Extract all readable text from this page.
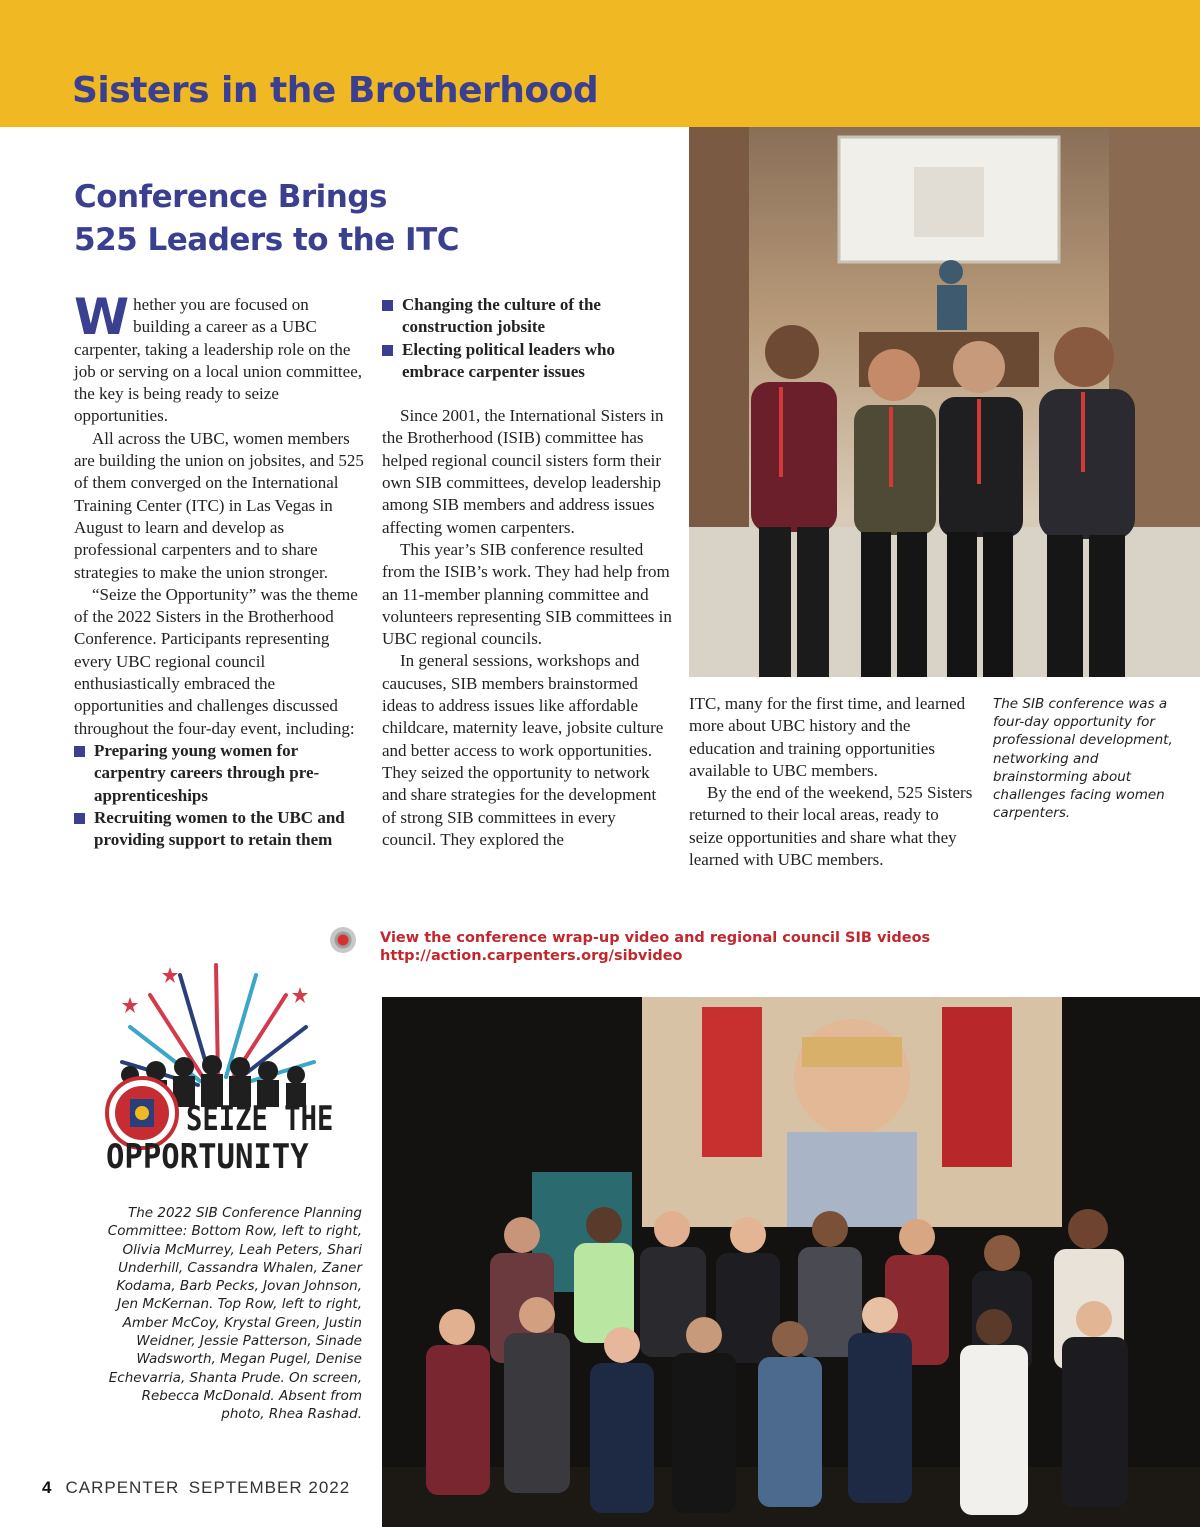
Sisters in the Brotherhood
Conference Brings
525 Leaders to the ITC

Whether you are focused on building a career as a UBC carpenter, taking a leadership role on the job or serving on a local union committee, the key is being ready to seize opportunities.

All across the UBC, women members are building the union on jobsites, and 525 of them converged on the International Training Center (ITC) in Las Vegas in August to learn and develop as professional carpenters and to share strategies to make the union stronger.

“Seize the Opportunity” was the theme of the 2022 Sisters in the Brotherhood Conference. Participants representing every UBC regional council enthusiastically embraced the opportunities and challenges discussed throughout the four-day event, including:

Preparing young women for carpentry careers through pre-apprenticeships
Recruiting women to the UBC and providing support to retain them
Changing the culture of the construction jobsite
Electing political leaders who embrace carpenter issues

Since 2001, the International Sisters in the Brotherhood (ISIB) committee has helped regional council sisters form their own SIB committees, develop leadership among SIB members and address issues affecting women carpenters.

This year’s SIB conference resulted from the ISIB’s work. They had help from an 11-member planning committee and volunteers representing SIB committees in UBC regional councils.

In general sessions, workshops and caucuses, SIB members brainstormed ideas to address issues like affordable childcare, maternity leave, jobsite culture and better access to work opportunities. They seized the opportunity to network and share strategies for the development of strong SIB committees in every council. They explored the

ITC, many for the first time, and learned more about UBC history and the education and training opportunities available to UBC members.

By the end of the weekend, 525 Sisters returned to their local areas, ready to seize opportunities and share what they learned with UBC members.

The SIB conference was a four-day opportunity for professional development, networking and brainstorming about challenges facing women carpenters.
View the conference wrap-up video and regional council SIB videos
http://action.carpenters.org/sibvideo
SEIZE THE
OPPORTUNITY
The 2022 SIB Conference Planning Committee: Bottom Row, left to right, Olivia McMurrey, Leah Peters, Shari Underhill, Cassandra Whalen, Zaner Kodama, Barb Pecks, Jovan Johnson, Jen McKernan. Top Row, left to right, Amber McCoy, Krystal Green, Justin Weidner, Jessie Patterson, Sinade Wadsworth, Megan Pugel, Denise Echevarria, Shanta Prude. On screen, Rebecca McDonald. Absent from photo, Rhea Rashad.
4 CARPENTER SEPTEMBER 2022
